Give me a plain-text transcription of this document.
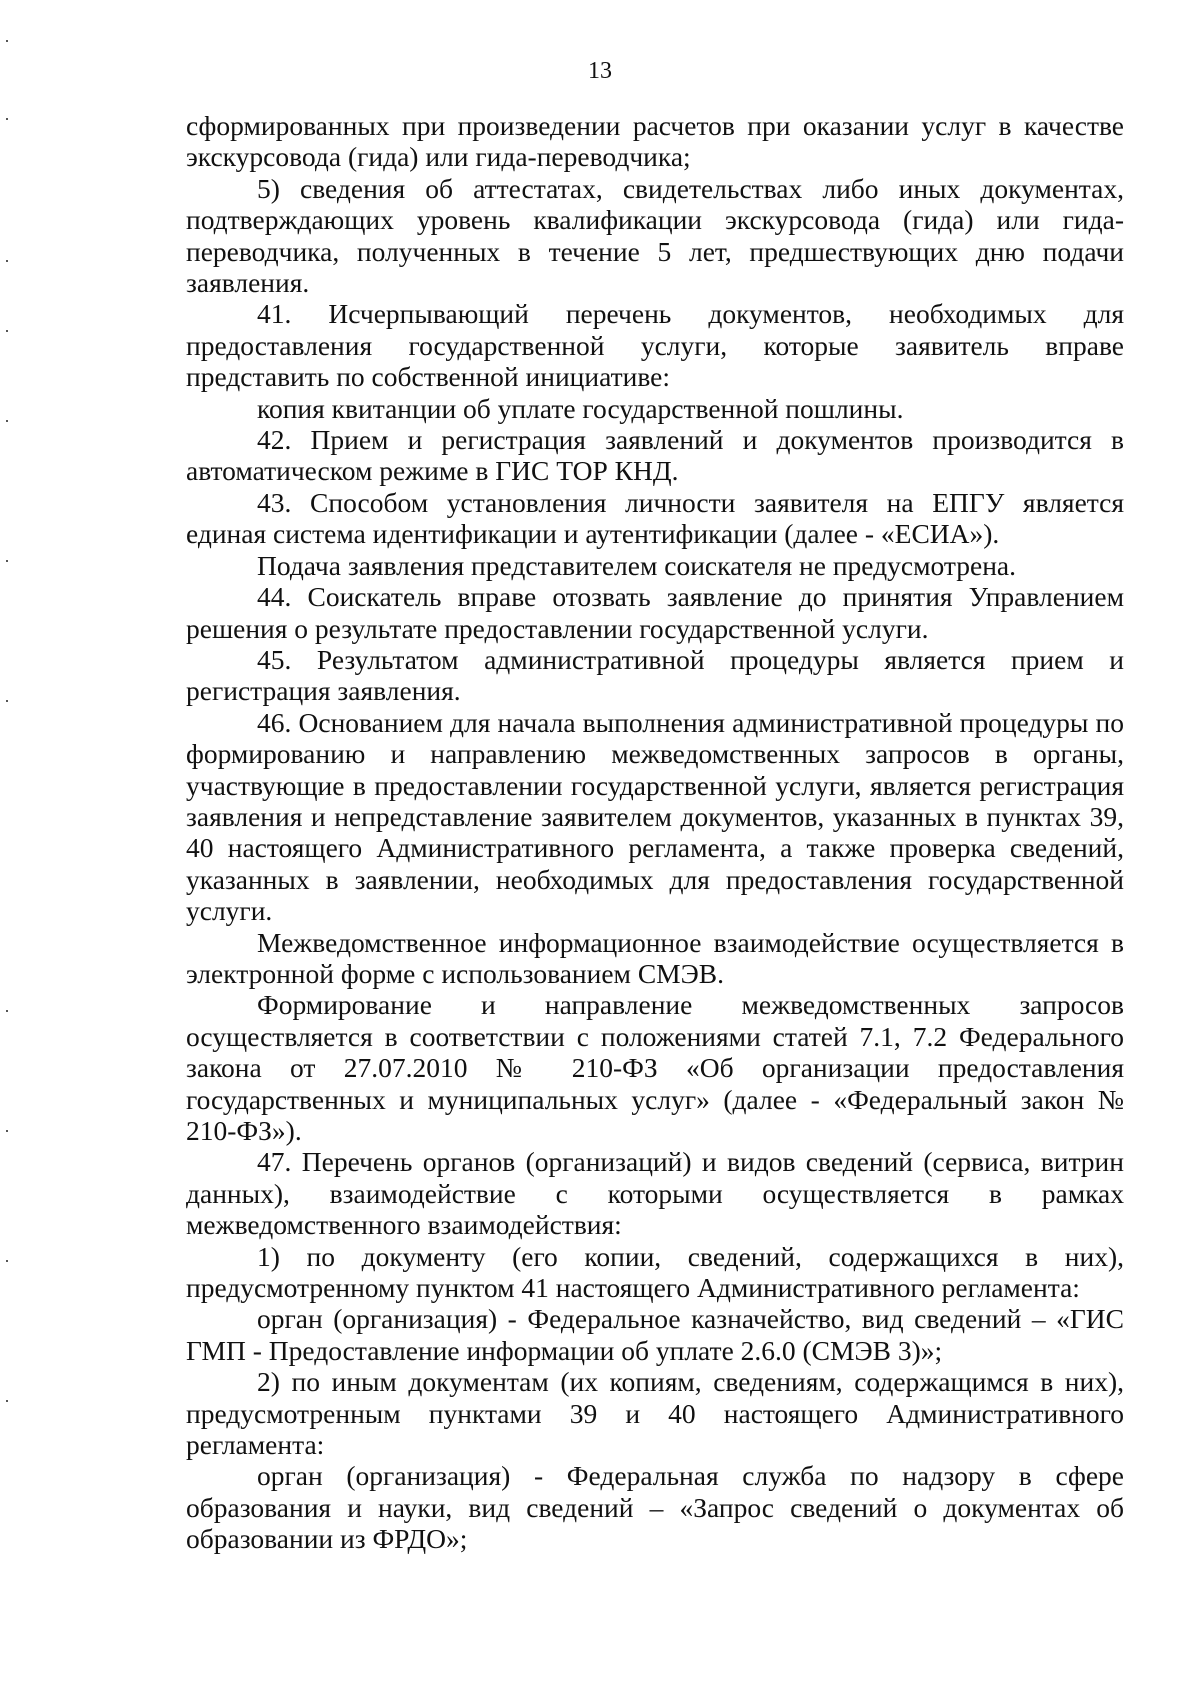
13

сформированных при произведении расчетов при оказании услуг в качестве экскурсовода (гида) или гида-переводчика;

5) сведения об аттестатах, свидетельствах либо иных документах, подтверждающих уровень квалификации экскурсовода (гида) или гида-переводчика, полученных в течение 5 лет, предшествующих дню подачи заявления.

41. Исчерпывающий перечень документов, необходимых для предоставления государственной услуги, которые заявитель вправе представить по собственной инициативе:

копия квитанции об уплате государственной пошлины.

42. Прием и регистрация заявлений и документов производится в автоматическом режиме в ГИС ТОР КНД.

43. Способом установления личности заявителя на ЕПГУ является единая система идентификации и аутентификации (далее - «ЕСИА»).

Подача заявления представителем соискателя не предусмотрена.

44. Соискатель вправе отозвать заявление до принятия Управлением решения о результате предоставлении государственной услуги.

45. Результатом административной процедуры является прием и регистрация заявления.

46. Основанием для начала выполнения административной процедуры по формированию и направлению межведомственных запросов в органы, участвующие в предоставлении государственной услуги, является регистрация заявления и непредставление заявителем документов, указанных в пунктах 39, 40 настоящего Административного регламента, а также проверка сведений, указанных в заявлении, необходимых для предоставления государственной услуги.

Межведомственное информационное взаимодействие осуществляется в электронной форме с использованием СМЭВ.

Формирование и направление межведомственных запросов осуществляется в соответствии с положениями статей 7.1, 7.2 Федерального закона от 27.07.2010 № 210-ФЗ «Об организации предоставления государственных и муниципальных услуг» (далее - «Федеральный закон № 210-ФЗ»).

47. Перечень органов (организаций) и видов сведений (сервиса, витрин данных), взаимодействие с которыми осуществляется в рамках межведомственного взаимодействия:

1) по документу (его копии, сведений, содержащихся в них), предусмотренному пунктом 41 настоящего Административного регламента:

орган (организация) - Федеральное казначейство, вид сведений – «ГИС ГМП - Предоставление информации об уплате 2.6.0 (СМЭВ 3)»;

2) по иным документам (их копиям, сведениям, содержащимся в них), предусмотренным пунктами 39 и 40 настоящего Административного регламента:

орган (организация) - Федеральная служба по надзору в сфере образования и науки, вид сведений – «Запрос сведений о документах об образовании из ФРДО»;
